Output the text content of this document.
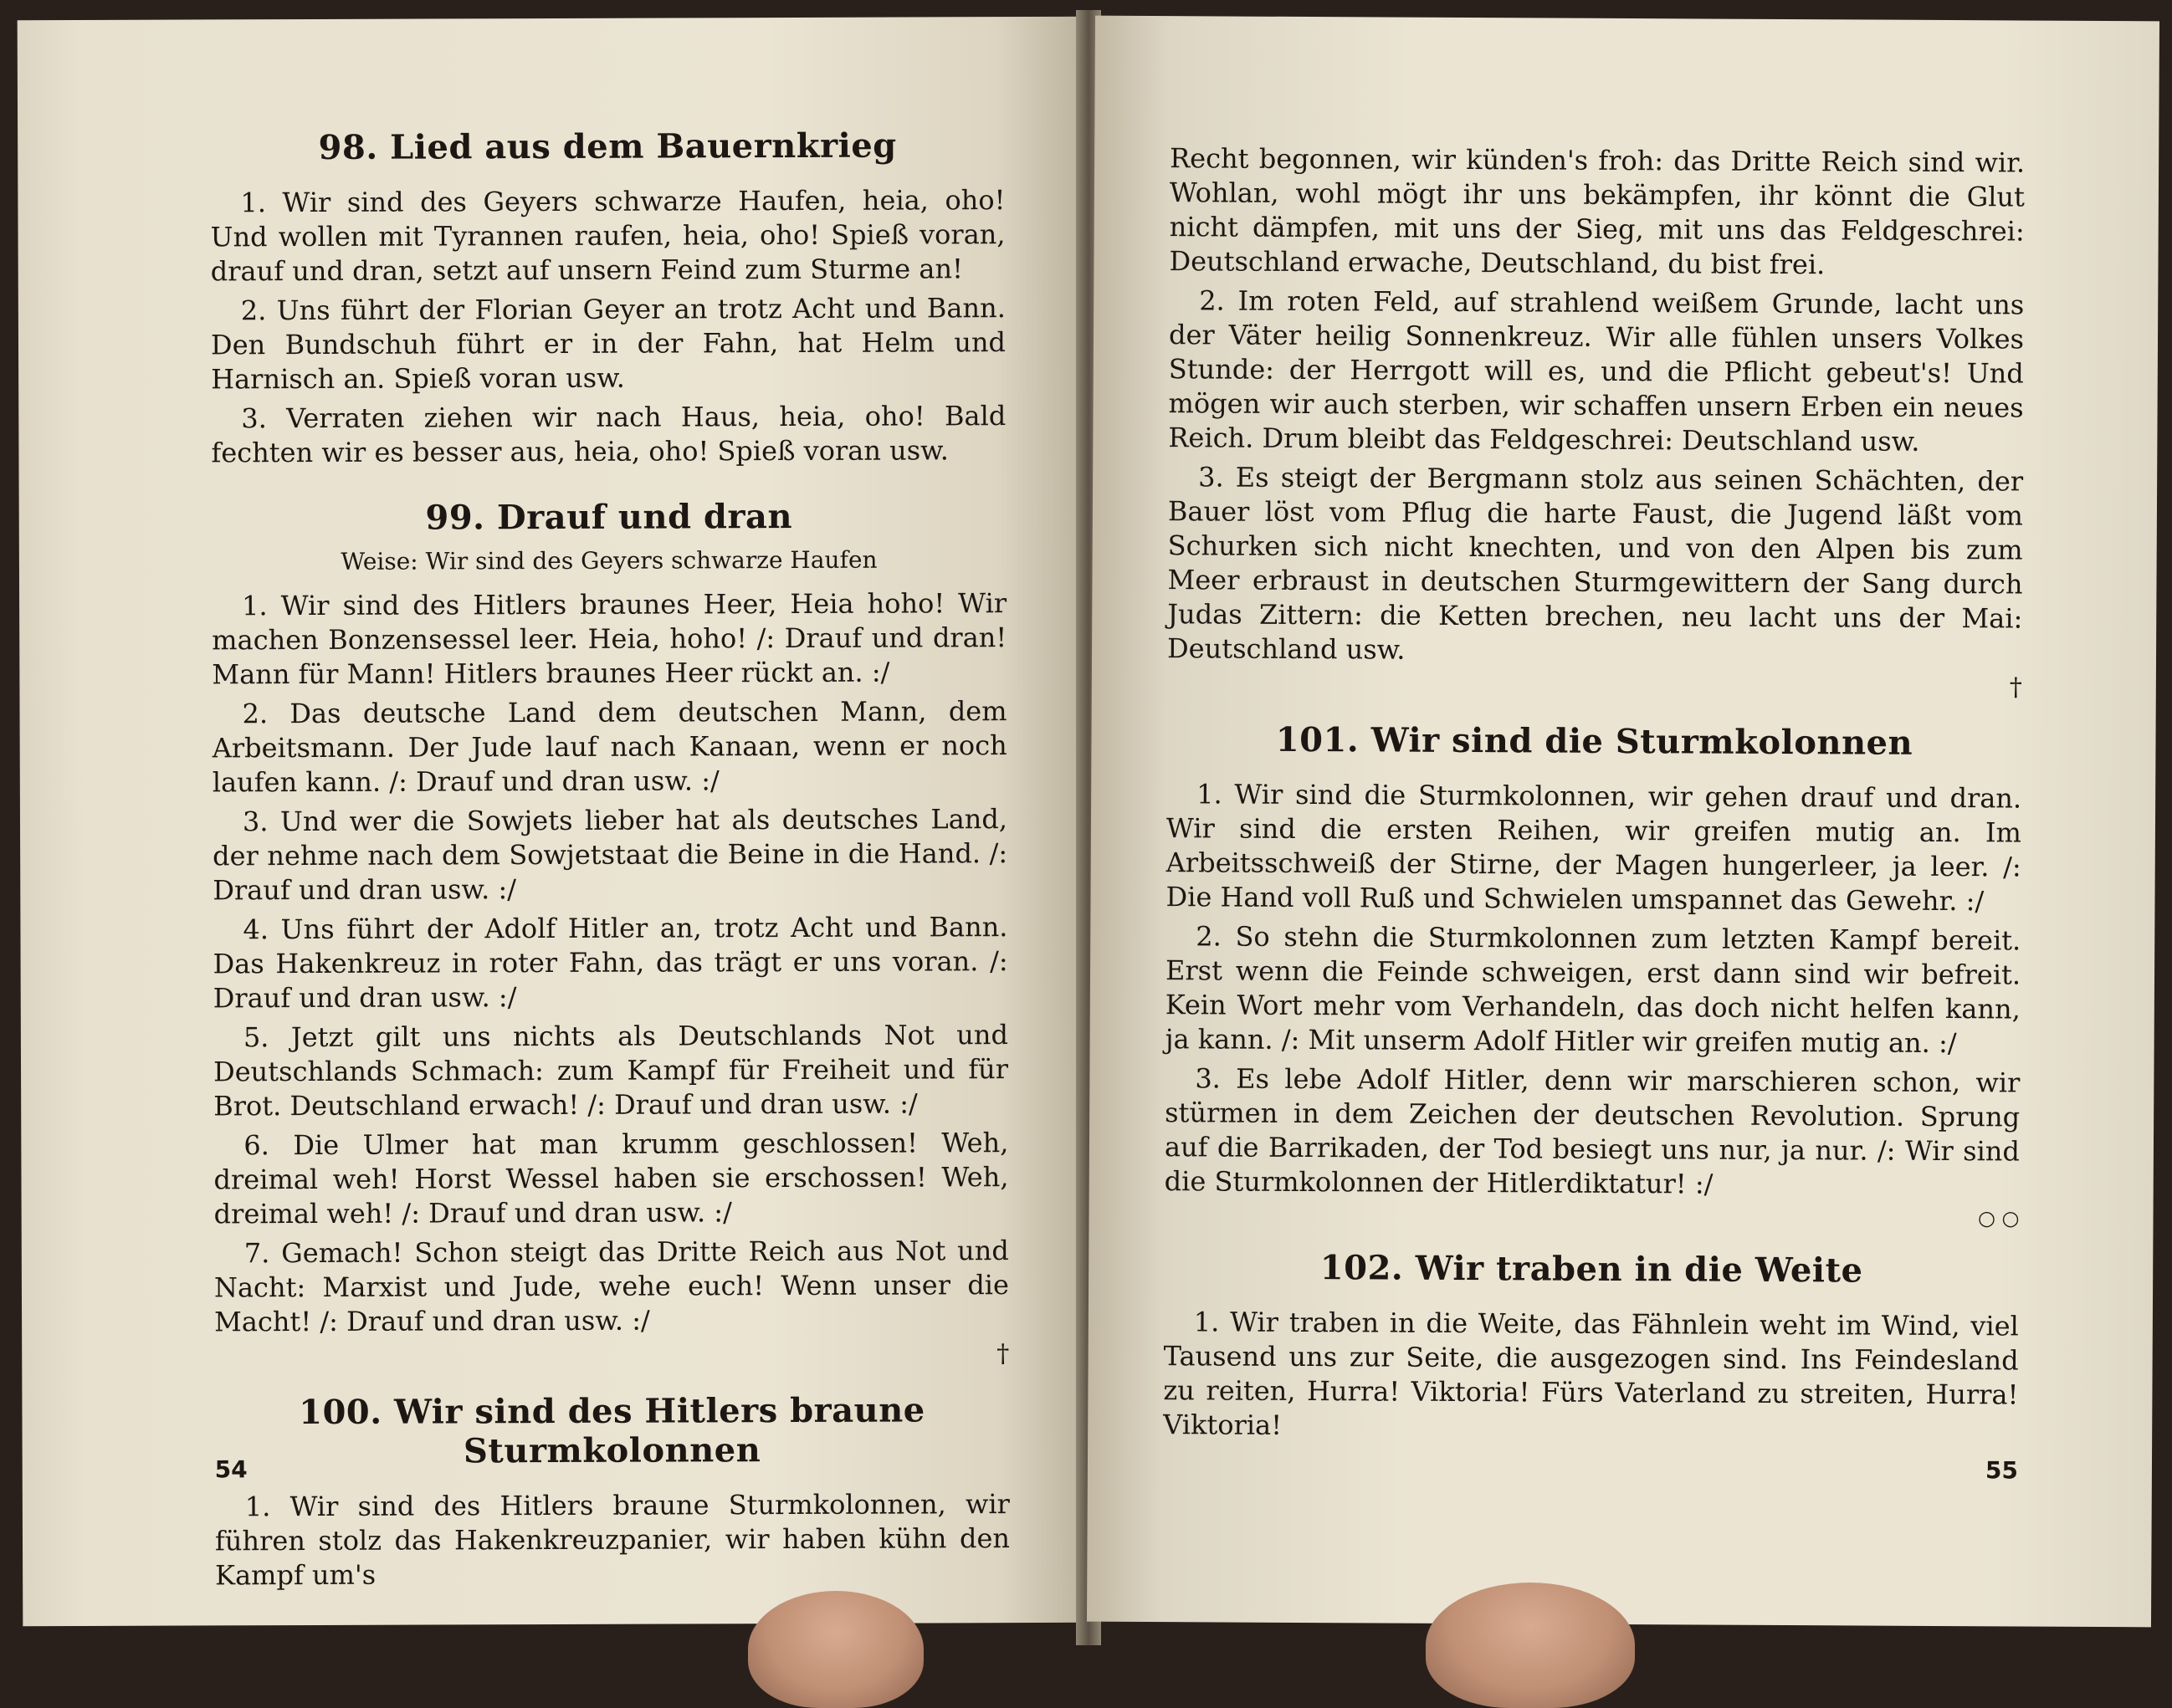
98. Lied aus dem Bauernkrieg

1. Wir sind des Geyers schwarze Haufen, heia, oho! Und wollen mit Tyrannen raufen, heia, oho! Spieß voran, drauf und dran, setzt auf unsern Feind zum Sturme an!

2. Uns führt der Florian Geyer an trotz Acht und Bann. Den Bundschuh führt er in der Fahn, hat Helm und Harnisch an. Spieß voran usw.

3. Verraten ziehen wir nach Haus, heia, oho! Bald fechten wir es besser aus, heia, oho! Spieß voran usw.

99. Drauf und dran

Weise: Wir sind des Geyers schwarze Haufen

1. Wir sind des Hitlers braunes Heer, Heia hoho! Wir machen Bonzensessel leer. Heia, hoho! /: Drauf und dran! Mann für Mann! Hitlers braunes Heer rückt an. :/

2. Das deutsche Land dem deutschen Mann, dem Arbeitsmann. Der Jude lauf nach Kanaan, wenn er noch laufen kann. /: Drauf und dran usw. :/

3. Und wer die Sowjets lieber hat als deutsches Land, der nehme nach dem Sowjetstaat die Beine in die Hand. /: Drauf und dran usw. :/

4. Uns führt der Adolf Hitler an, trotz Acht und Bann. Das Hakenkreuz in roter Fahn, das trägt er uns voran. /: Drauf und dran usw. :/

5. Jetzt gilt uns nichts als Deutschlands Not und Deutschlands Schmach: zum Kampf für Freiheit und für Brot. Deutschland erwach! /: Drauf und dran usw. :/

6. Die Ulmer hat man krumm geschlossen! Weh, dreimal weh! Horst Wessel haben sie erschossen! Weh, dreimal weh! /: Drauf und dran usw. :/

7. Gemach! Schon steigt das Dritte Reich aus Not und Nacht: Marxist und Jude, wehe euch! Wenn unser die Macht! /: Drauf und dran usw. :/

†

100. Wir sind des Hitlers braune Sturmkolonnen

1. Wir sind des Hitlers braune Sturmkolonnen, wir führen stolz das Hakenkreuzpanier, wir haben kühn den Kampf um's

54

Recht begonnen, wir künden's froh: das Dritte Reich sind wir. Wohlan, wohl mögt ihr uns bekämpfen, ihr könnt die Glut nicht dämpfen, mit uns der Sieg, mit uns das Feldgeschrei: Deutschland erwache, Deutschland, du bist frei.

2. Im roten Feld, auf strahlend weißem Grunde, lacht uns der Väter heilig Sonnenkreuz. Wir alle fühlen unsers Volkes Stunde: der Herrgott will es, und die Pflicht gebeut's! Und mögen wir auch sterben, wir schaffen unsern Erben ein neues Reich. Drum bleibt das Feldgeschrei: Deutschland usw.

3. Es steigt der Bergmann stolz aus seinen Schächten, der Bauer löst vom Pflug die harte Faust, die Jugend läßt vom Schurken sich nicht knechten, und von den Alpen bis zum Meer erbraust in deutschen Sturmgewittern der Sang durch Judas Zittern: die Ketten brechen, neu lacht uns der Mai: Deutschland usw.

†

101. Wir sind die Sturmkolonnen

1. Wir sind die Sturmkolonnen, wir gehen drauf und dran. Wir sind die ersten Reihen, wir greifen mutig an. Im Arbeitsschweiß der Stirne, der Magen hungerleer, ja leer. /: Die Hand voll Ruß und Schwielen umspannet das Gewehr. :/

2. So stehn die Sturmkolonnen zum letzten Kampf bereit. Erst wenn die Feinde schweigen, erst dann sind wir befreit. Kein Wort mehr vom Verhandeln, das doch nicht helfen kann, ja kann. /: Mit unserm Adolf Hitler wir greifen mutig an. :/

3. Es lebe Adolf Hitler, denn wir marschieren schon, wir stürmen in dem Zeichen der deutschen Revolution. Sprung auf die Barrikaden, der Tod besiegt uns nur, ja nur. /: Wir sind die Sturmkolonnen der Hitlerdiktatur! :/

○ ○

102. Wir traben in die Weite

1. Wir traben in die Weite, das Fähnlein weht im Wind, viel Tausend uns zur Seite, die ausgezogen sind. Ins Feindesland zu reiten, Hurra! Viktoria! Fürs Vaterland zu streiten, Hurra! Viktoria!

55
